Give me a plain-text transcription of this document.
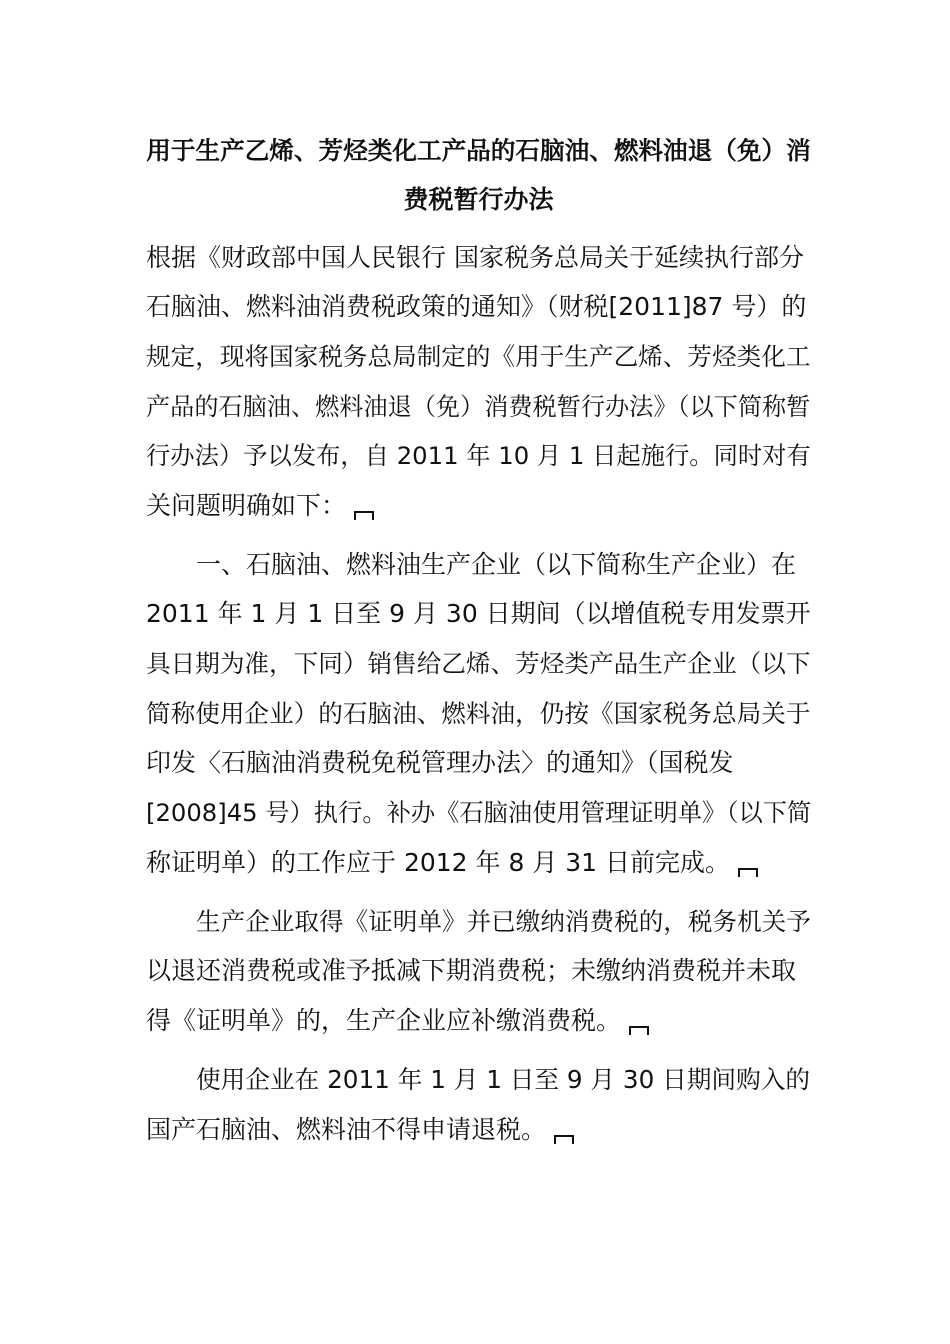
用于生产乙烯、芳烃类化工产品的石脑油、燃料油退（免）消
费税暂行办法
根据《财政部中国人民银行 国家税务总局关于延续执行部分
石脑油、燃料油消费税政策的通知》（财税[2011]87 号）的
规定，现将国家税务总局制定的《用于生产乙烯、芳烃类化工
产品的石脑油、燃料油退（免）消费税暂行办法》（以下简称暂
行办法）予以发布，自 2011 年 10 月 1 日起施行。同时对有
关问题明确如下：
一、石脑油、燃料油生产企业（以下简称生产企业）在
2011 年 1 月 1 日至 9 月 30 日期间（以增值税专用发票开
具日期为准，下同）销售给乙烯、芳烃类产品生产企业（以下
简称使用企业）的石脑油、燃料油，仍按《国家税务总局关于
印发〈石脑油消费税免税管理办法〉的通知》（国税发
[2008]45 号）执行。补办《石脑油使用管理证明单》（以下简
称证明单）的工作应于 2012 年 8 月 31 日前完成。
生产企业取得《证明单》并已缴纳消费税的，税务机关予
以退还消费税或准予抵减下期消费税；未缴纳消费税并未取
得《证明单》的，生产企业应补缴消费税。
使用企业在 2011 年 1 月 1 日至 9 月 30 日期间购入的
国产石脑油、燃料油不得申请退税。
